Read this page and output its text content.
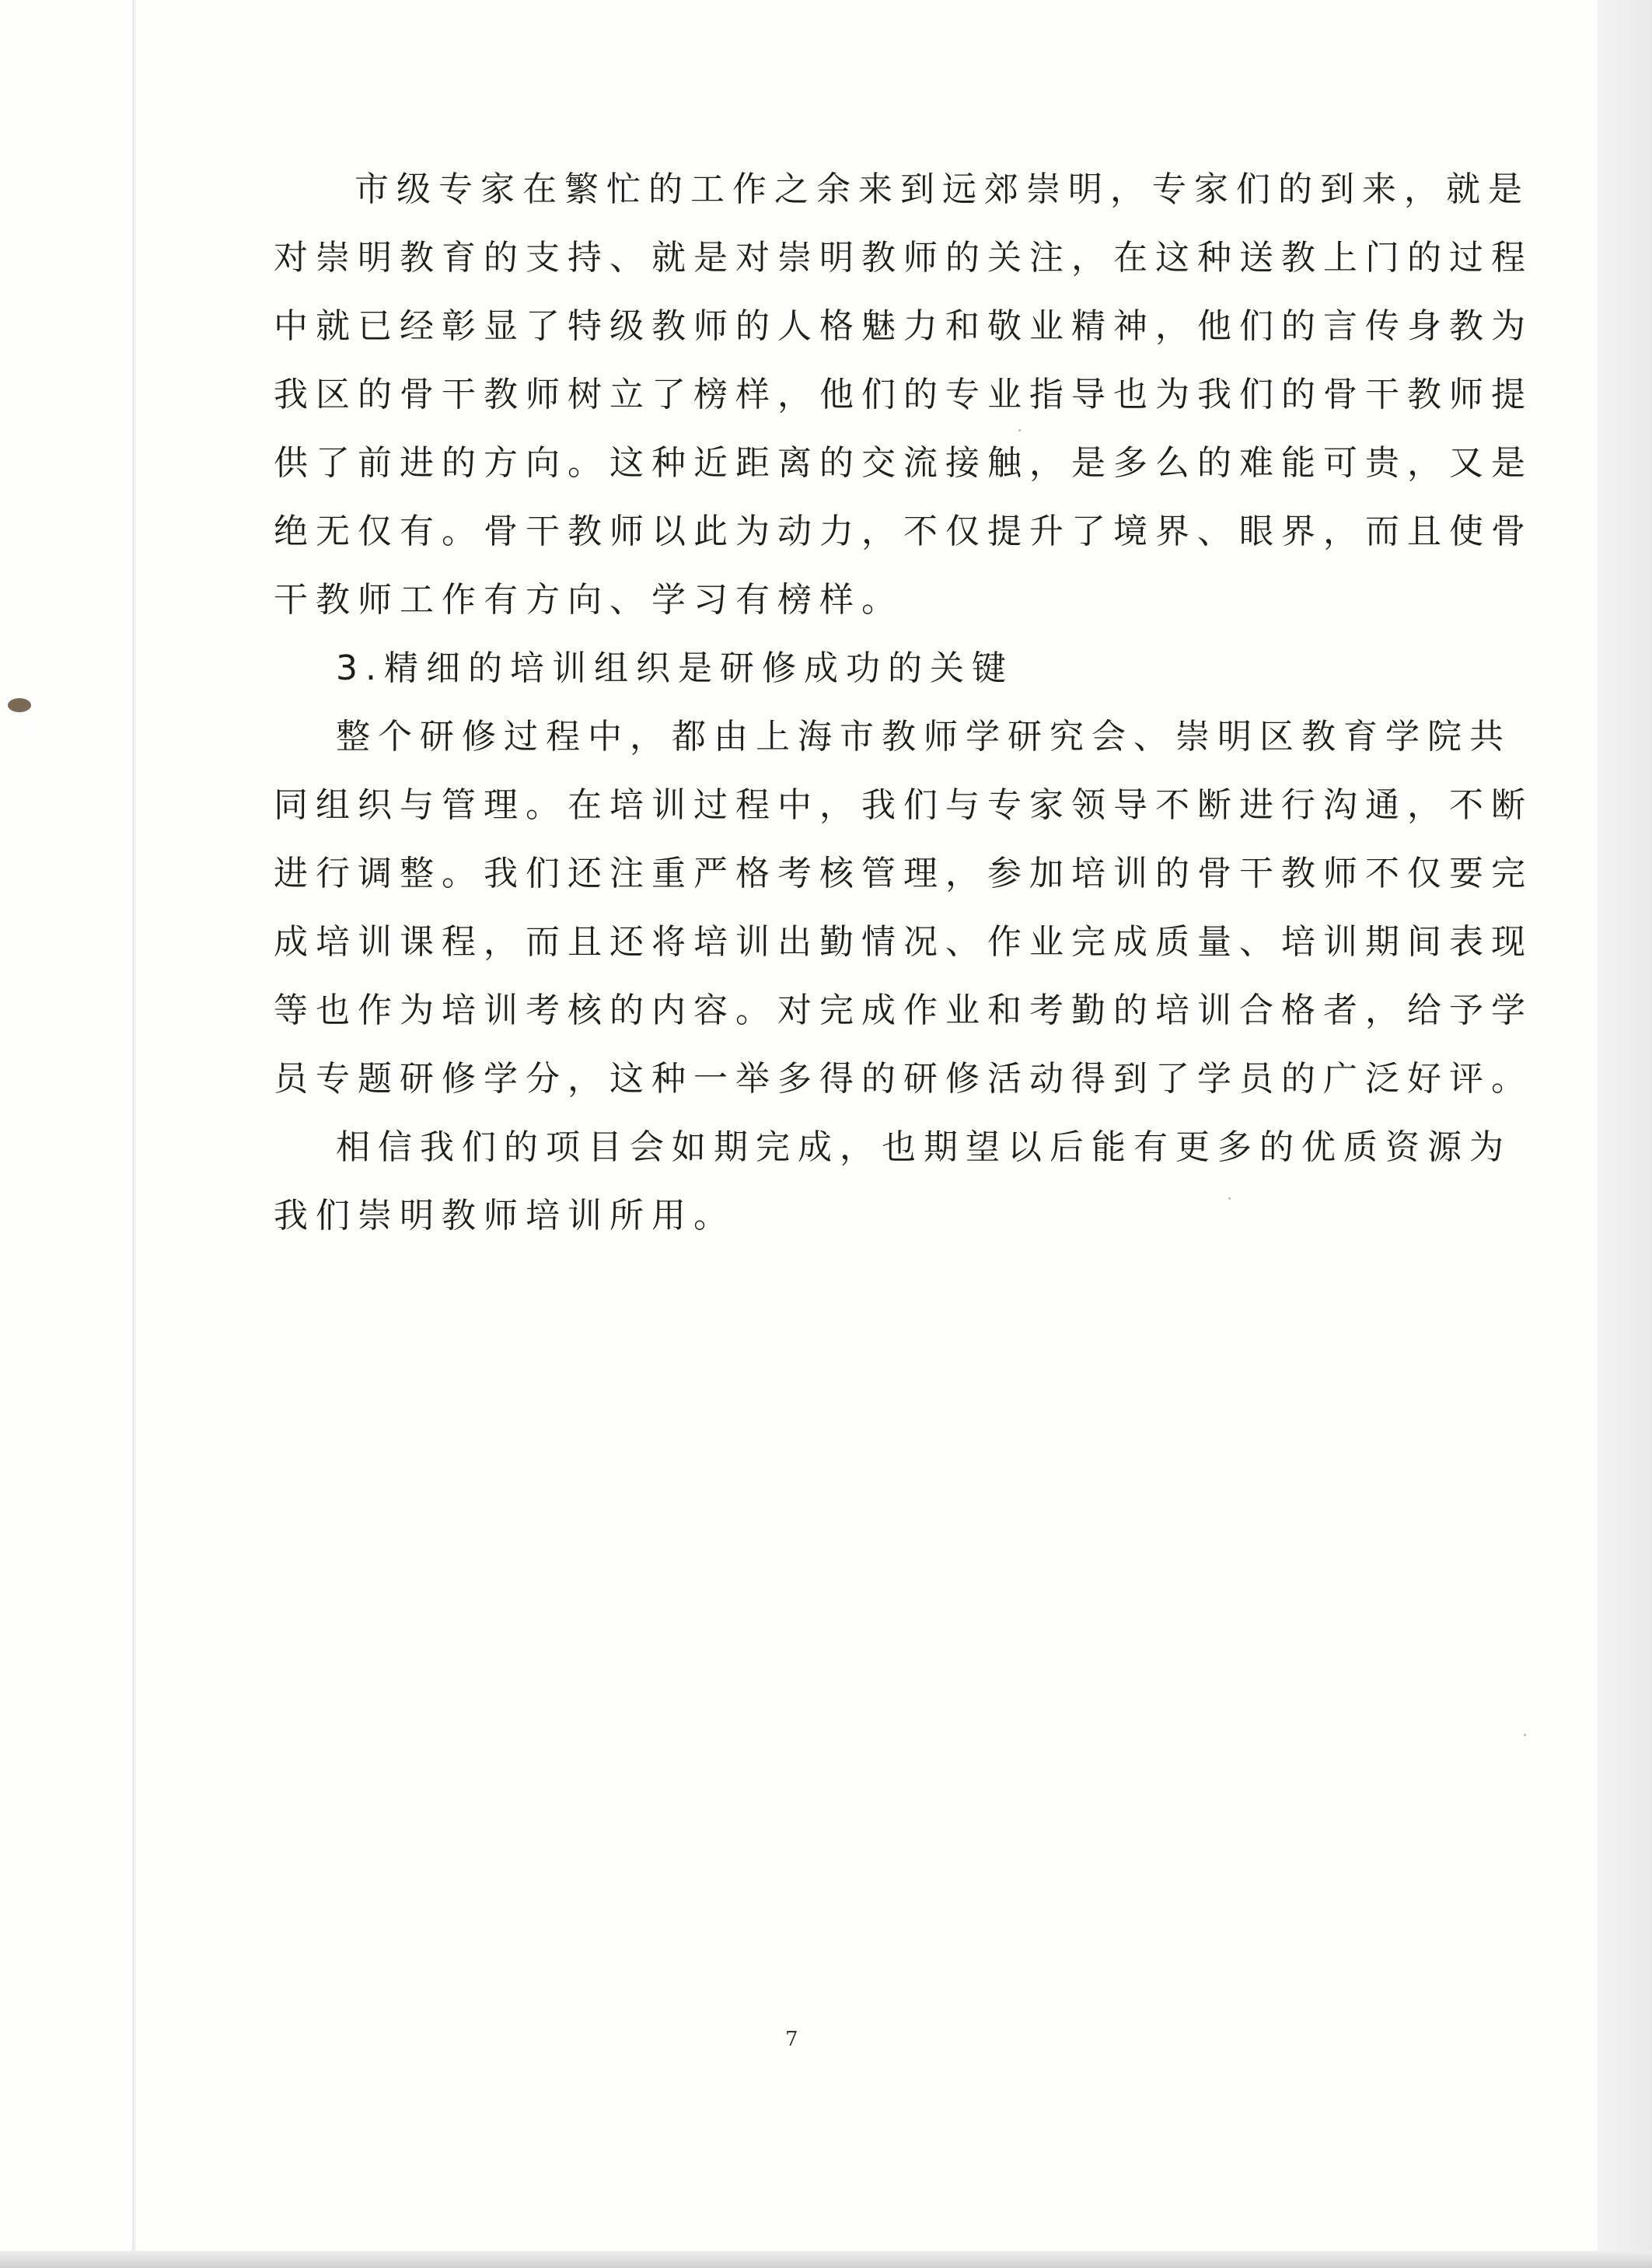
市级专家在繁忙的工作之余来到远郊崇明，专家们的到来，就是
对崇明教育的支持、就是对崇明教师的关注，在这种送教上门的过程
中就已经彰显了特级教师的人格魅力和敬业精神，他们的言传身教为
我区的骨干教师树立了榜样，他们的专业指导也为我们的骨干教师提
供了前进的方向。这种近距离的交流接触，是多么的难能可贵，又是
绝无仅有。骨干教师以此为动力，不仅提升了境界、眼界，而且使骨
干教师工作有方向、学习有榜样。
3.精细的培训组织是研修成功的关键
整个研修过程中，都由上海市教师学研究会、崇明区教育学院共
同组织与管理。在培训过程中，我们与专家领导不断进行沟通，不断
进行调整。我们还注重严格考核管理，参加培训的骨干教师不仅要完
成培训课程，而且还将培训出勤情况、作业完成质量、培训期间表现
等也作为培训考核的内容。对完成作业和考勤的培训合格者，给予学
员专题研修学分，这种一举多得的研修活动得到了学员的广泛好评。
相信我们的项目会如期完成，也期望以后能有更多的优质资源为
我们崇明教师培训所用。
7
